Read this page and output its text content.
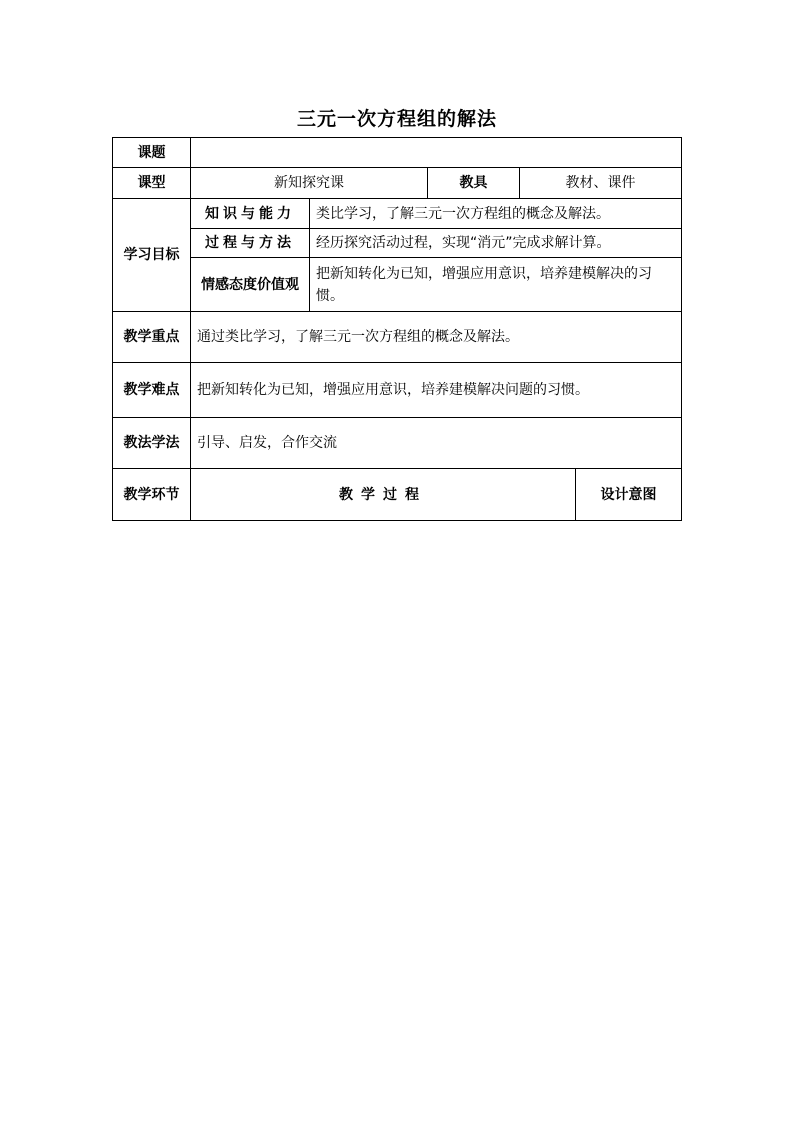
三元一次方程组的解法
课题					
课型	新知探究课		教具	教材、课件	
学习目标	知识与能力	类比学习，了解三元一次方程组的概念及解法。			
	过程与方法	经历探究活动过程，实现“消元”完成求解计算。			
	情感态度价值观	把新知转化为已知，增强应用意识，培养建模解决的习惯。			
教学重点	通过类比学习，了解三元一次方程组的概念及解法。				
教学难点	把新知转化为已知，增强应用意识，培养建模解决问题的习惯。				
教法学法	引导、启发，合作交流				
教学环节	教学过程				设计意图
